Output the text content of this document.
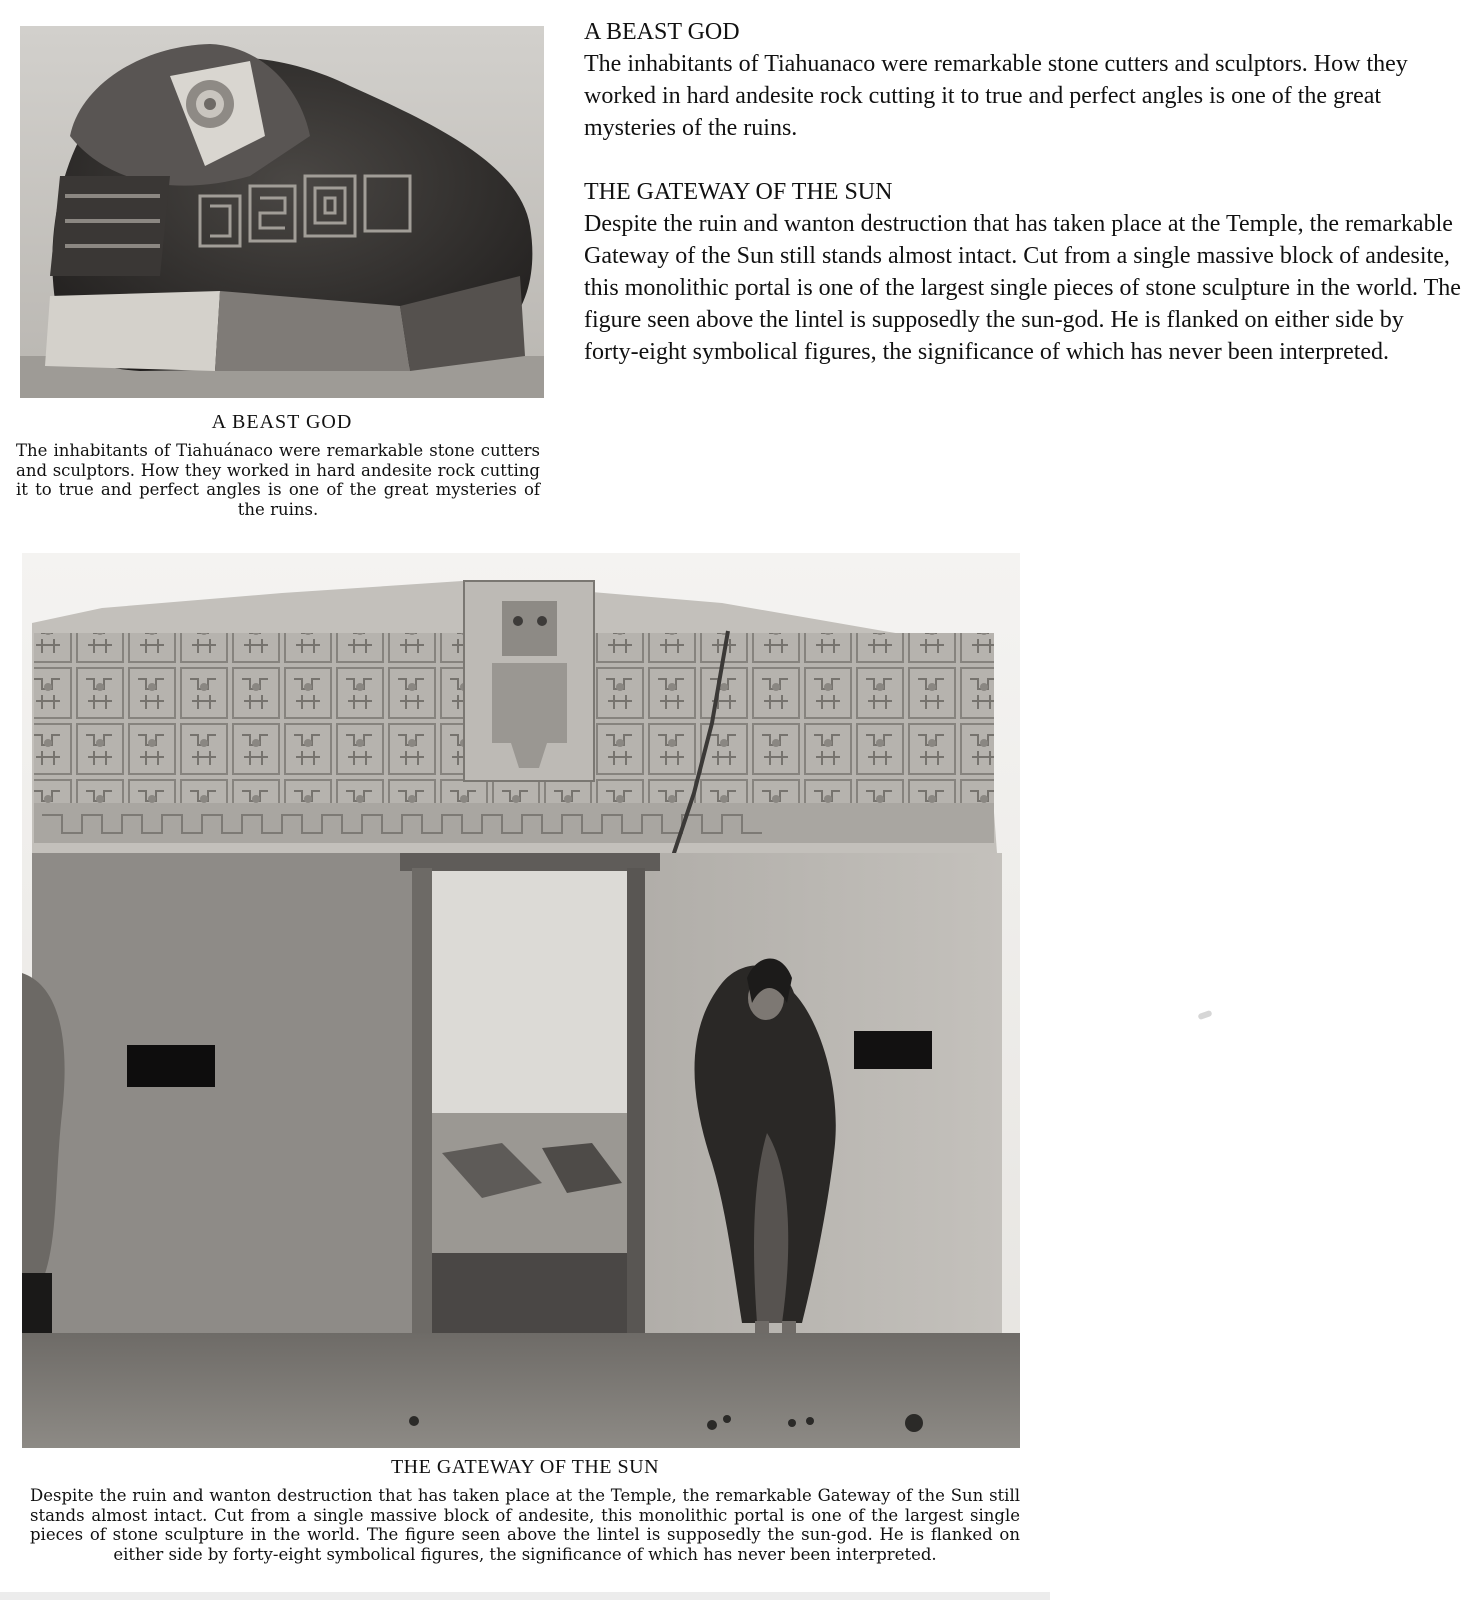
A BEAST GOD
The inhabitants of Tiahuanaco were remarkable stone cutters and sculptors. How they worked in hard andesite rock cutting it to true and perfect angles is one of the great mysteries of the ruins.
THE GATEWAY OF THE SUN
Despite the ruin and wanton destruction that has taken place at the Temple, the remarkable Gateway of the Sun still stands almost intact. Cut from a single massive block of andesite, this monolithic portal is one of the largest single pieces of stone sculpture in the world. The figure seen above the lintel is supposedly the sun-god. He is flanked on either side by forty-eight symbolical figures, the significance of which has never been interpreted.
A BEAST GOD
The inhabitants of Tiahuánaco were remarkable stone cutters and sculptors. How they worked in hard andesite rock cutting it to true and perfect angles is one of the great mysteries of the ruins.
THE GATEWAY OF THE SUN
Despite the ruin and wanton destruction that has taken place at the Temple, the remarkable Gateway of the Sun still stands almost intact. Cut from a single massive block of andesite, this monolithic portal is one of the largest single pieces of stone sculpture in the world. The figure seen above the lintel is supposedly the sun-god. He is flanked on either side by forty-eight symbolical figures, the significance of which has never been interpreted.
